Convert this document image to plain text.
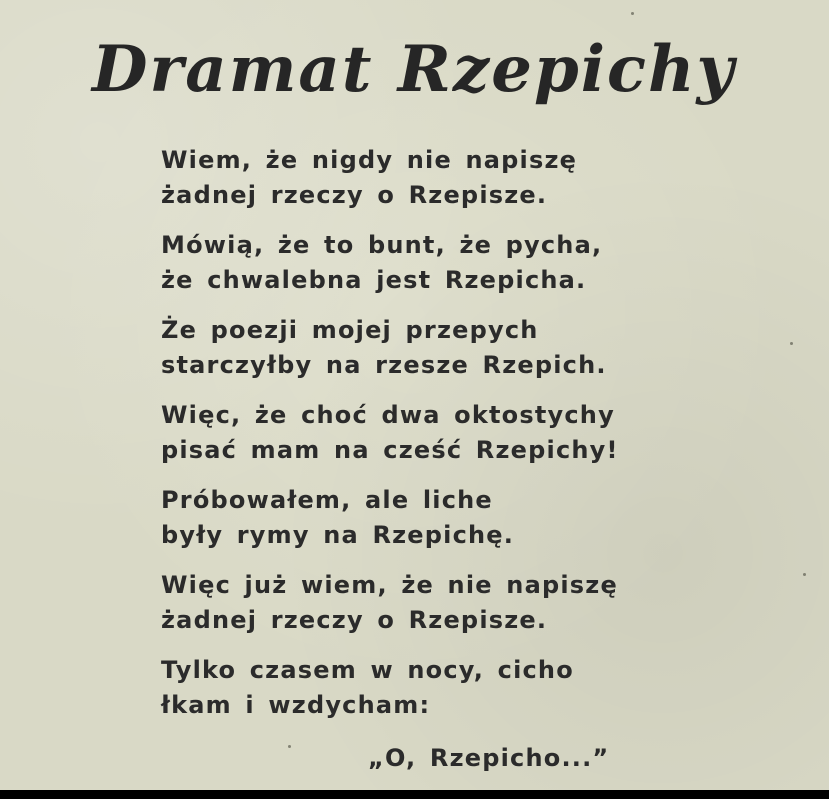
Dramat Rzepichy
Wiem, że nigdy nie napiszę
żadnej rzeczy o Rzepisze.
Mówią, że to bunt, że pycha,
że chwalebna jest Rzepicha.
Że poezji mojej przepych
starczyłby na rzesze Rzepich.
Więc, że choć dwa oktostychy
pisać mam na cześć Rzepichy!
Próbowałem, ale liche
były rymy na Rzepichę.
Więc już wiem, że nie napiszę
żadnej rzeczy o Rzepisze.
Tylko czasem w nocy, cicho
łkam i wzdycham:
„O, Rzepicho...”
